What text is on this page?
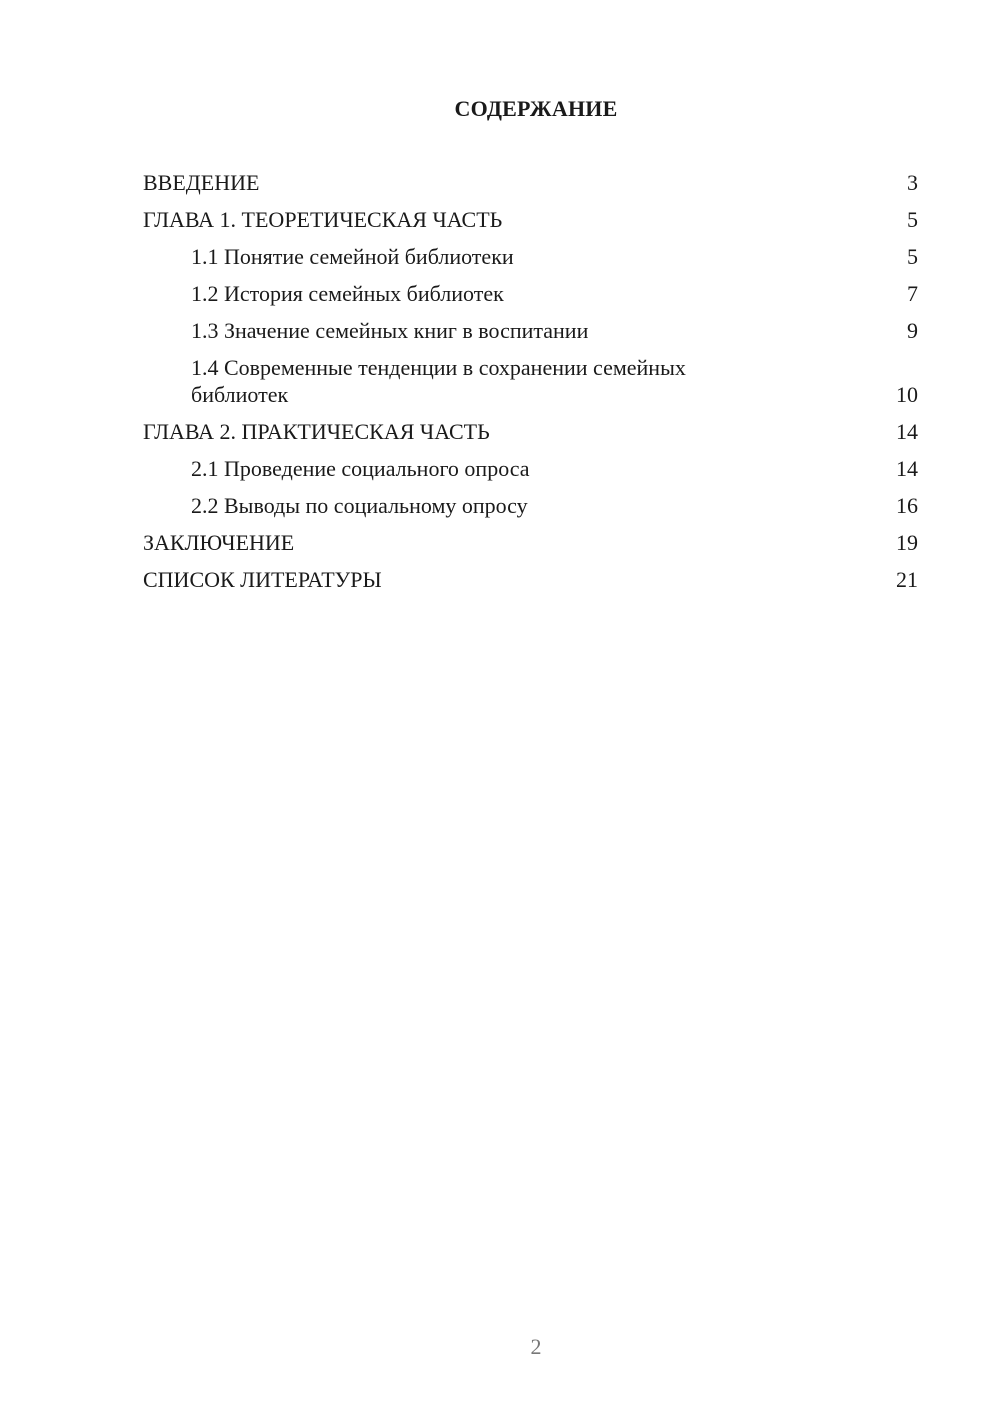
СОДЕРЖАНИЕ
ВВЕДЕНИЕ	3
ГЛАВА 1. ТЕОРЕТИЧЕСКАЯ ЧАСТЬ	5
1.1 Понятие семейной библиотеки	5
1.2 История семейных библиотек	7
1.3 Значение семейных книг в воспитании	9
1.4 Современные тенденции в сохранении семейных библиотек	10
ГЛАВА 2. ПРАКТИЧЕСКАЯ ЧАСТЬ	14
2.1 Проведение социального опроса	14
2.2 Выводы по социальному опросу	16
ЗАКЛЮЧЕНИЕ	19
СПИСОК ЛИТЕРАТУРЫ	21
2
